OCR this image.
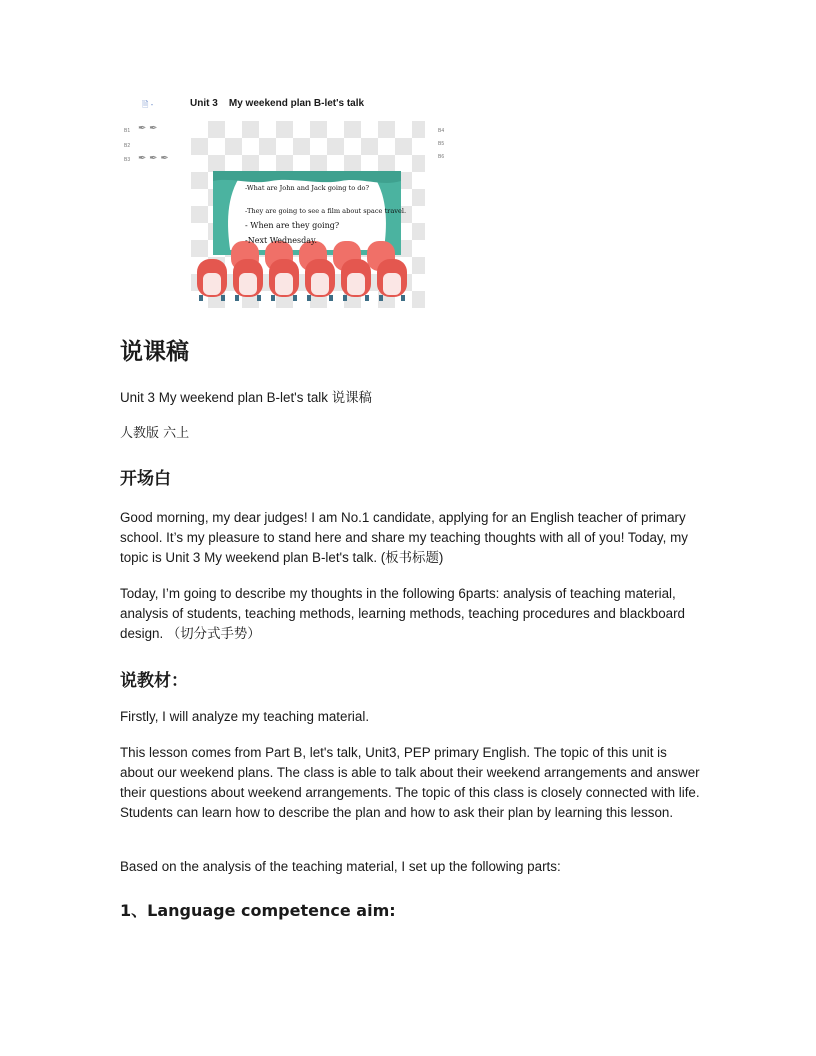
🗎 -	Unit 3    My weekend plan B-let's talk
B1
B2
B3
✒ ✒
✒ ✒ ✒
B4
B5
B6
-What are John and Jack going to do?
-They are going to see a film about space travel.
- When are they going?
-Next Wednesday.
说课稿
Unit 3 My weekend plan B-let's talk 说课稿
人教版 六上
开场白
Good morning, my dear judges! I am No.1 candidate, applying for an English teacher of primary school. It’s my pleasure to stand here and share my teaching thoughts with all of you! Today, my topic is Unit 3 My weekend plan B-let's talk. (板书标题)
Today, I’m going to describe my thoughts in the following 6parts: analysis of teaching material, analysis of students, teaching methods, learning methods, teaching procedures and blackboard design. （切分式手势）
说教材：
Firstly, I will analyze my teaching material.
This lesson comes from Part B, let's talk, Unit3, PEP primary English. The topic of this unit is about our weekend plans. The class is able to talk about their weekend arrangements and answer their questions about weekend arrangements. The topic of this class is closely connected with life. Students can learn how to describe the plan and how to ask their plan by learning this lesson.
Based on the analysis of the teaching material, I set up the following parts:
1、Language competence aim:
